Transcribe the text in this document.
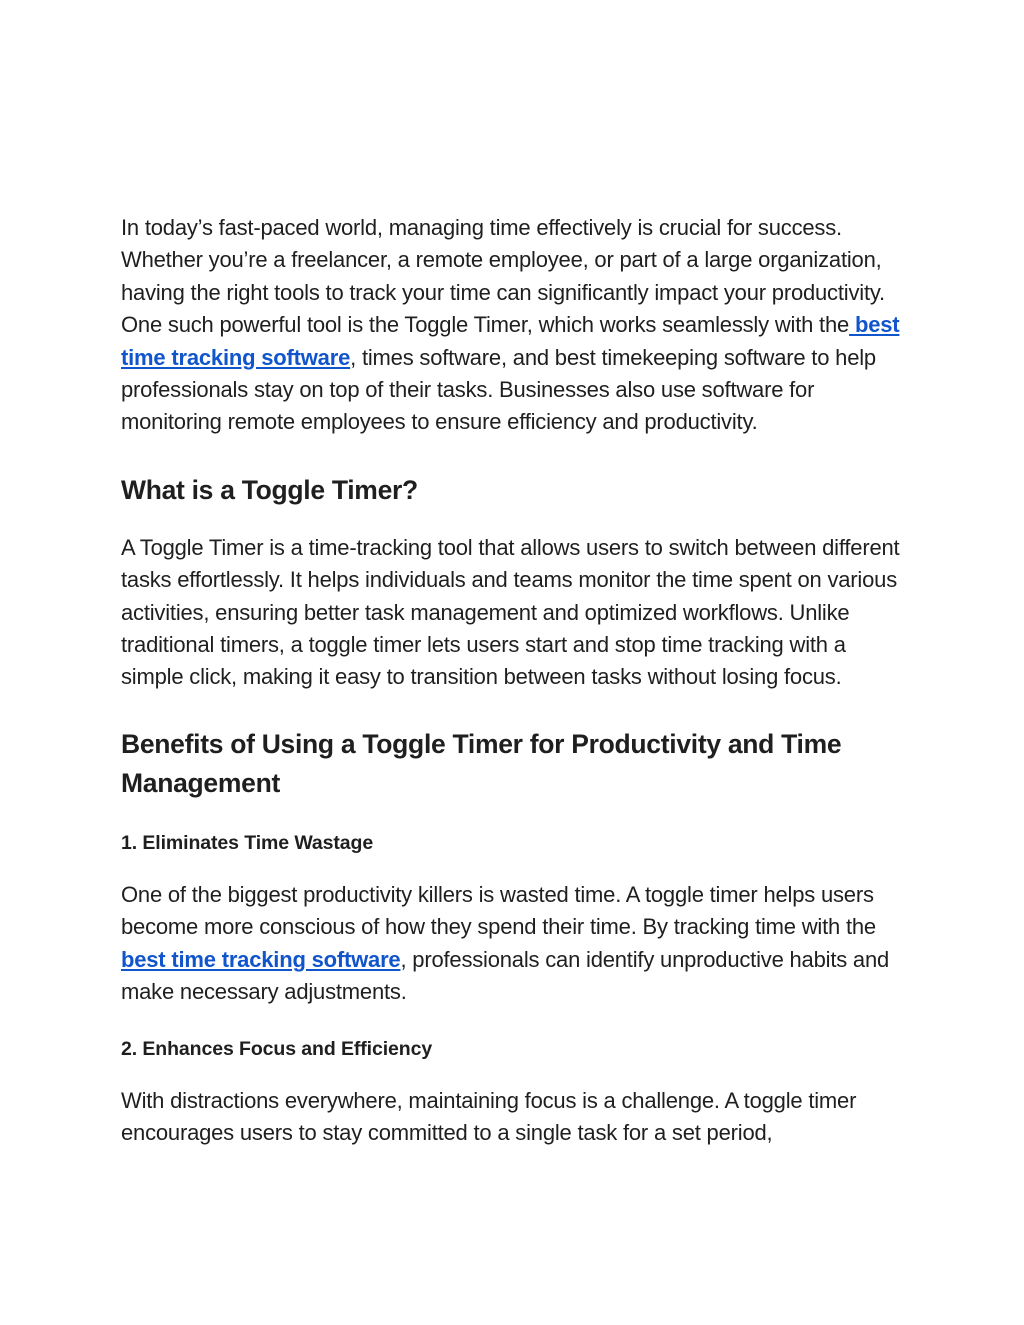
In today’s fast-paced world, managing time effectively is crucial for success. Whether you’re a freelancer, a remote employee, or part of a large organization, having the right tools to track your time can significantly impact your productivity. One such powerful tool is the Toggle Timer, which works seamlessly with the best time tracking software, times software, and best timekeeping software to help professionals stay on top of their tasks. Businesses also use software for monitoring remote employees to ensure efficiency and productivity.

What is a Toggle Timer?

A Toggle Timer is a time-tracking tool that allows users to switch between different tasks effortlessly. It helps individuals and teams monitor the time spent on various activities, ensuring better task management and optimized workflows. Unlike traditional timers, a toggle timer lets users start and stop time tracking with a simple click, making it easy to transition between tasks without losing focus.

Benefits of Using a Toggle Timer for Productivity and Time Management
1. Eliminates Time Wastage

One of the biggest productivity killers is wasted time. A toggle timer helps users become more conscious of how they spend their time. By tracking time with the best time tracking software, professionals can identify unproductive habits and make necessary adjustments.

2. Enhances Focus and Efficiency

With distractions everywhere, maintaining focus is a challenge. A toggle timer encourages users to stay committed to a single task for a set period,
